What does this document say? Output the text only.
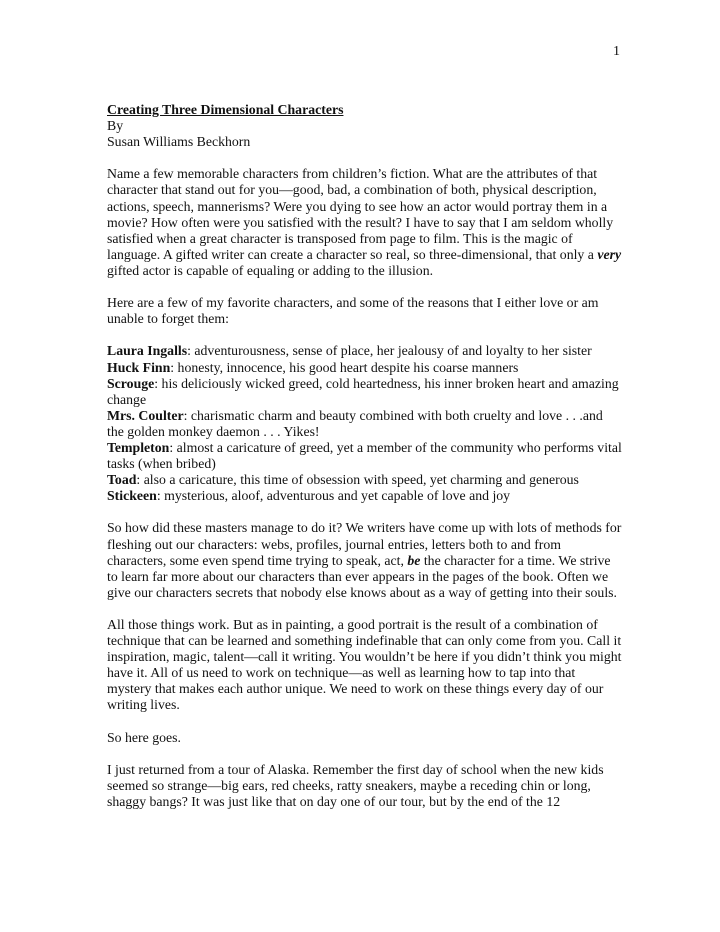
1

Creating Three Dimensional Characters

By

Susan Williams Beckhorn

Name a few memorable characters from children’s fiction. What are the attributes of that character that stand out for you—good, bad, a combination of both, physical description, actions, speech, mannerisms? Were you dying to see how an actor would portray them in a movie? How often were you satisfied with the result? I have to say that I am seldom wholly satisfied when a great character is transposed from page to film. This is the magic of language. A gifted writer can create a character so real, so three-dimensional, that only a very gifted actor is capable of equaling or adding to the illusion.

Here are a few of my favorite characters, and some of the reasons that I either love or am unable to forget them:

Laura Ingalls: adventurousness, sense of place, her jealousy of and loyalty to her sister

Huck Finn: honesty, innocence, his good heart despite his coarse manners

Scrouge: his deliciously wicked greed, cold heartedness, his inner broken heart and amazing change

Mrs. Coulter: charismatic charm and beauty combined with both cruelty and love . . .and the golden monkey daemon . . . Yikes!

Templeton: almost a caricature of greed, yet a member of the community who performs vital tasks (when bribed)

Toad: also a caricature, this time of obsession with speed, yet charming and generous

Stickeen: mysterious, aloof, adventurous and yet capable of love and joy

So how did these masters manage to do it? We writers have come up with lots of methods for fleshing out our characters: webs, profiles, journal entries, letters both to and from characters, some even spend time trying to speak, act, be the character for a time. We strive to learn far more about our characters than ever appears in the pages of the book. Often we give our characters secrets that nobody else knows about as a way of getting into their souls.

All those things work. But as in painting, a good portrait is the result of a combination of technique that can be learned and something indefinable that can only come from you. Call it inspiration, magic, talent—call it writing. You wouldn’t be here if you didn’t think you might have it. All of us need to work on technique—as well as learning how to tap into that mystery that makes each author unique. We need to work on these things every day of our writing lives.

So here goes.

I just returned from a tour of Alaska. Remember the first day of school when the new kids seemed so strange—big ears, red cheeks, ratty sneakers, maybe a receding chin or long, shaggy bangs? It was just like that on day one of our tour, but by the end of the 12
